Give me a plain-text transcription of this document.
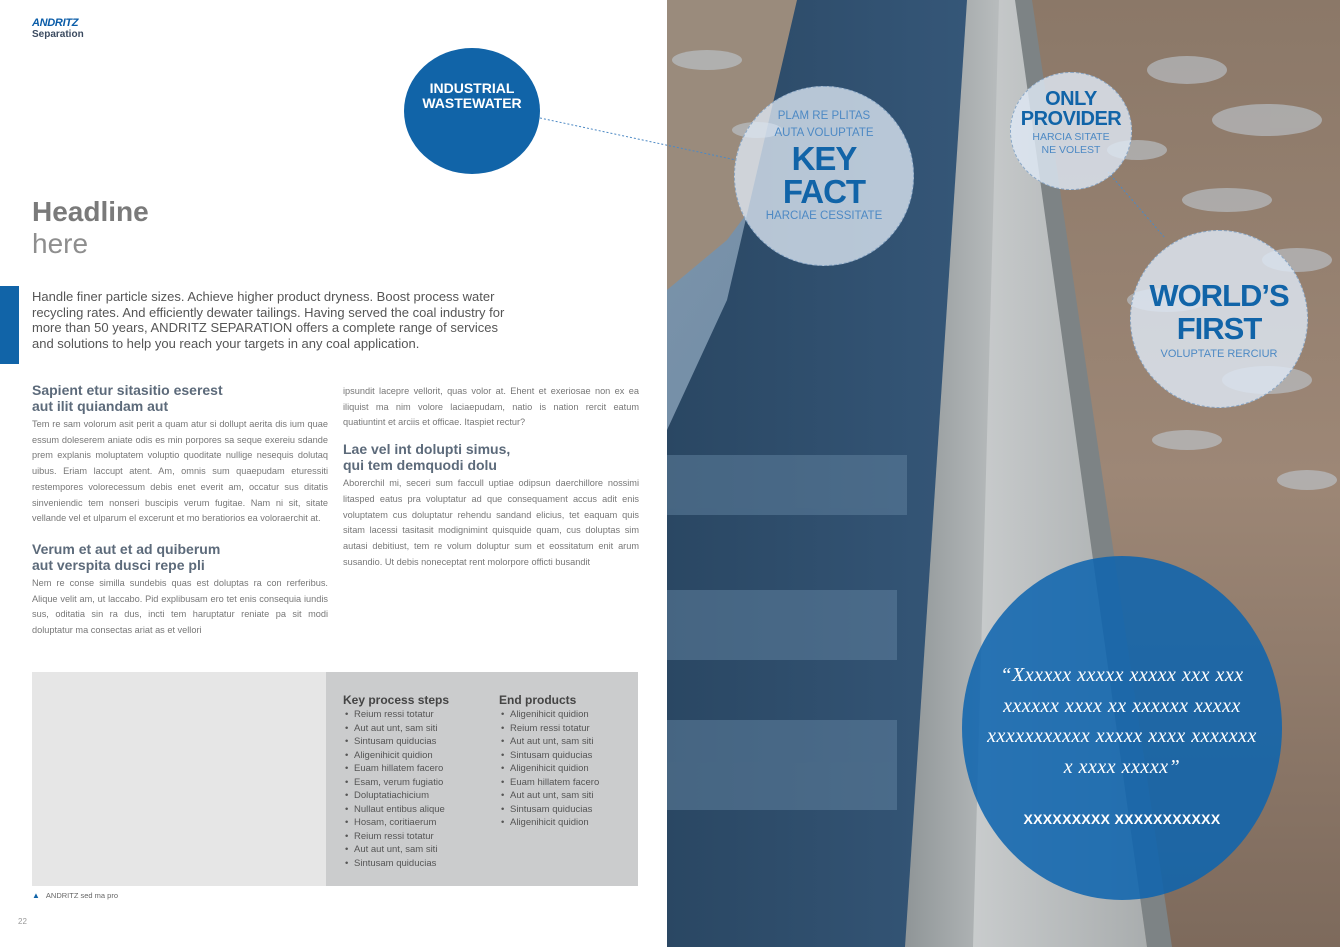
ANDRITZ
Separation
Headline
here
Handle finer particle sizes. Achieve higher product dryness. Boost process water recycling rates. And efficiently dewater tailings. Having served the coal industry for more than 50 years, ANDRITZ SEPARATION offers a complete range of services and solutions to help you reach your targets in any coal application.
Sapient etur sitasitio eserest
aut ilit quiandam aut
Tem re sam volorum asit perit a quam atur si dollupt aerita dis ium quae essum doleserem aniate odis es min porpores sa seque exereiu sdande prem explanis moluptatem voluptio quoditate nullige nesequis dolutaq uibus. Eriam laccupt atent. Am, omnis sum quaepudam eturessiti restempores volorecessum debis enet everit am, occatur sus ditatis sinveniendic tem nonseri buscipis verum fugitae. Nam ni sit, sitate vellande vel et ulparum el excerunt et mo beratiorios ea voloraerchit at.
Verum et aut et ad quiberum
aut verspita dusci repe pli
Nem re conse similla sundebis quas est doluptas ra con rerferibus. Alique velit am, ut laccabo. Pid explibusam ero tet enis consequia iundis sus, oditatia sin ra dus, incti tem haruptatur reniate pa sit modi doluptatur ma consectas ariat as et vellori
ipsundit lacepre vellorit, quas volor at. Ehent et exeriosae non ex ea iliquist ma nim volore laciaepudam, natio is nation rercit eatum quatiuntint et arciis et officae. Itaspiet rectur?
Lae vel int dolupti simus,
qui tem demquodi dolu
Aborerchil mi, seceri sum faccull uptiae odipsun daerchillore nossimi litasped eatus pra voluptatur ad que consequament accus adit enis voluptatem cus doluptatur rehendu sandand elicius, tet eaquam quis sitam lacessi tasitasit modignimint quisquide quam, cus doluptas sim autasi debitiust, tem re volum doluptur sum et eossitatum enit arum susandio. Ut debis noneceptat rent molorpore officti busandit
Key process steps
• Reium ressi totatur
• Aut aut unt, sam siti
• Sintusam quiducias
• Aligenihicit quidion
• Euam hillatem facero
• Esam, verum fugiatio
• Doluptatiachicium
• Nullaut entibus alique
• Hosam, coritiaerum
• Reium ressi totatur
• Aut aut unt, sam siti
• Sintusam quiducias
End products
• Aligenihicit quidion
• Reium ressi totatur
• Aut aut unt, sam siti
• Sintusam quiducias
• Aligenihicit quidion
• Euam hillatem facero
• Aut aut unt, sam siti
• Sintusam quiducias
• Aligenihicit quidion
▲ ANDRITZ sed ma pro
22
INDUSTRIAL
WASTEWATER
PLAM RE PLITAS
AUTA VOLUPTATE
KEY
FACT
HARCIAE CESSITATE
ONLY
PROVIDER
HARCIA SITATE
NE VOLEST
WORLD’S
FIRST
VOLUPTATE RERCIUR
“Xxxxxx xxxxx xxxxx xxx xxx xxxxxx xxxx xx xxxxxx xxxxx xxxxxxxxxxx xxxxx xxxx xxxxxxx x xxxx xxxxx”
XXXXXXXXX XXXXXXXXXXX
